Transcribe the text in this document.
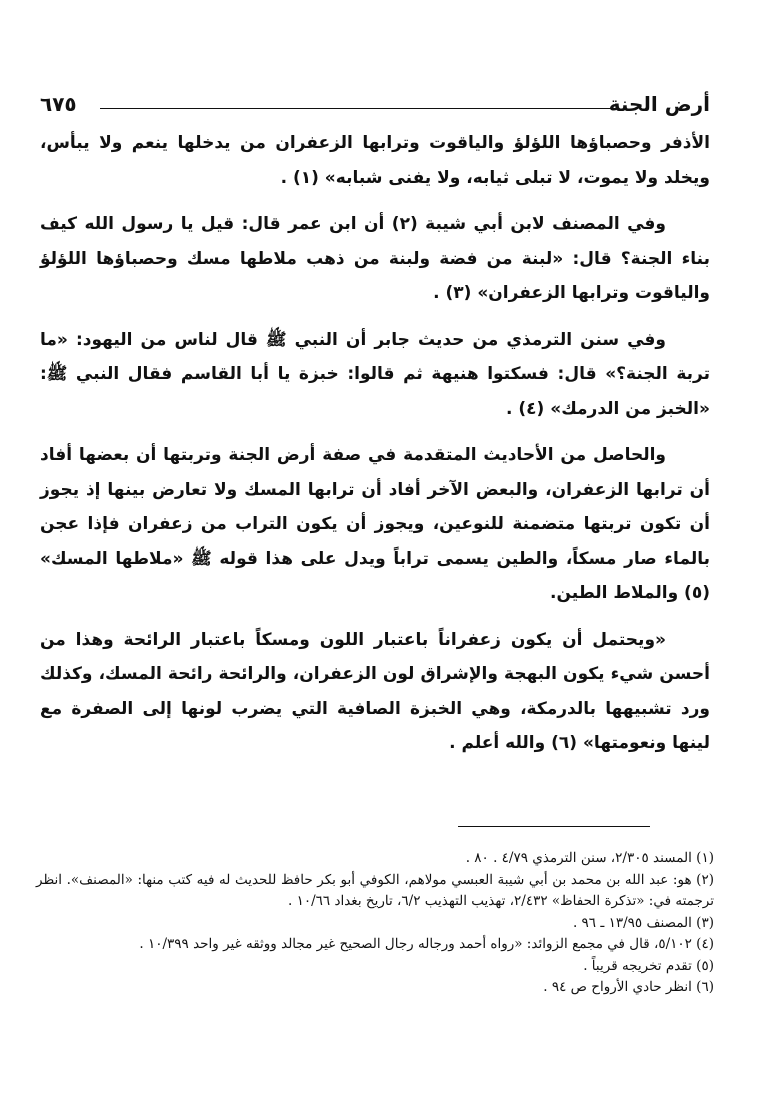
أرض الجنة
٦٧٥

الأذفر وحصباؤها اللؤلؤ والياقوت وترابها الزعفران من يدخلها ينعم ولا يبأس، ويخلد ولا يموت، لا تبلى ثيابه، ولا يفنى شبابه» (١) .

وفي المصنف لابن أبي شيبة (٢) أن ابن عمر قال: قيل يا رسول الله كيف بناء الجنة؟ قال: «لبنة من فضة ولبنة من ذهب ملاطها مسك وحصباؤها اللؤلؤ والياقوت وترابها الزعفران» (٣) .

وفي سنن الترمذي من حديث جابر أن النبي ﷺ قال لناس من اليهود: «ما تربة الجنة؟» قال: فسكتوا هنيهة ثم قالوا: خبزة يا أبا القاسم فقال النبي ﷺ: «الخبز من الدرمك» (٤) .

والحاصل من الأحاديث المتقدمة في صفة أرض الجنة وتربتها أن بعضها أفاد أن ترابها الزعفران، والبعض الآخر أفاد أن ترابها المسك ولا تعارض بينها إذ يجوز أن تكون تربتها متضمنة للنوعين، ويجوز أن يكون التراب من زعفران فإذا عجن بالماء صار مسكاً، والطين يسمى تراباً ويدل على هذا قوله ﷺ «ملاطها المسك» (٥) والملاط الطين.

«ويحتمل أن يكون زعفراناً باعتبار اللون ومسكاً باعتبار الرائحة وهذا من أحسن شيء يكون البهجة والإشراق لون الزعفران، والرائحة رائحة المسك، وكذلك ورد تشبيهها بالدرمكة، وهي الخبزة الصافية التي يضرب لونها إلى الصفرة مع لينها ونعومتها» (٦) والله أعلم .

(١) المسند ٢/٣٠٥، سنن الترمذي ٤/٧٩ . ٨٠ .

(٢) هو: عبد الله بن محمد بن أبي شيبة العبسي مولاهم، الكوفي أبو بكر حافظ للحديث له فيه كتب منها: «المصنف». انظر ترجمته في: «تذكرة الحفاظ» ٢/٤٣٢، تهذيب التهذيب ٦/٢، تاريخ بغداد ١٠/٦٦ .

(٣) المصنف ١٣/٩٥ ـ ٩٦ .

(٤) ٥/١٠٢، قال في مجمع الزوائد: «رواه أحمد ورجاله رجال الصحيح غير مجالد ووثقه غير واحد ١٠/٣٩٩ .

(٥) تقدم تخريجه قريباً .

(٦) انظر حادي الأرواح ص ٩٤ .
